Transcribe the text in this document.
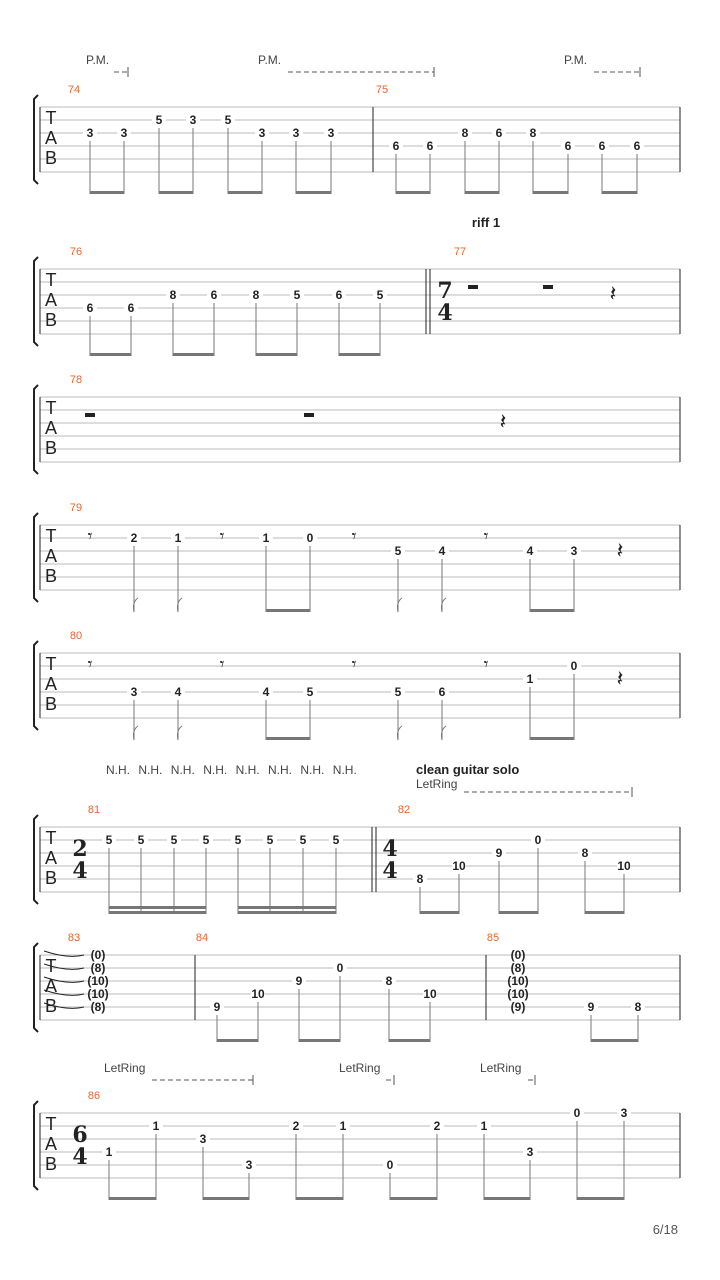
T
A
B
P.M.	P.M.	P.M.
74
3 3
5 3 5
3 3 3
75
6 6
8 6 8
6 6 6
T
A
B
riff 1
76
6	6
8	6	8	5	6	5
77
7
4
𝄽
T
A
B
78
𝄽
T
A
B
79
𝄾	2	1 𝄾	1	0 𝄾
5	4
𝄾
4	3 𝄽
T
A
B
80
𝄾
3	4
𝄾
4	5
𝄾
5	6
𝄾
1
0
𝄽
T
A
B
clean guitar solo
N.H. N.H. N.H. N.H. N.H. N.H. N.H. N.H.
LetRing
81
2
4
5 5 5 5 5 5 5 5
82
4
4 8
10
9
0
8
10
T
A
B
83
(0)
(8)
(10)
(10)
(8)
84
9
10
9
0
8
10
85
(0)
(8)
(10)
(10)
(9)	9	8
T
A
B
LetRing	LetRing	LetRing
86
6
4 1
1
3
3
2	1
0
2	1
3
0	3
6/18
